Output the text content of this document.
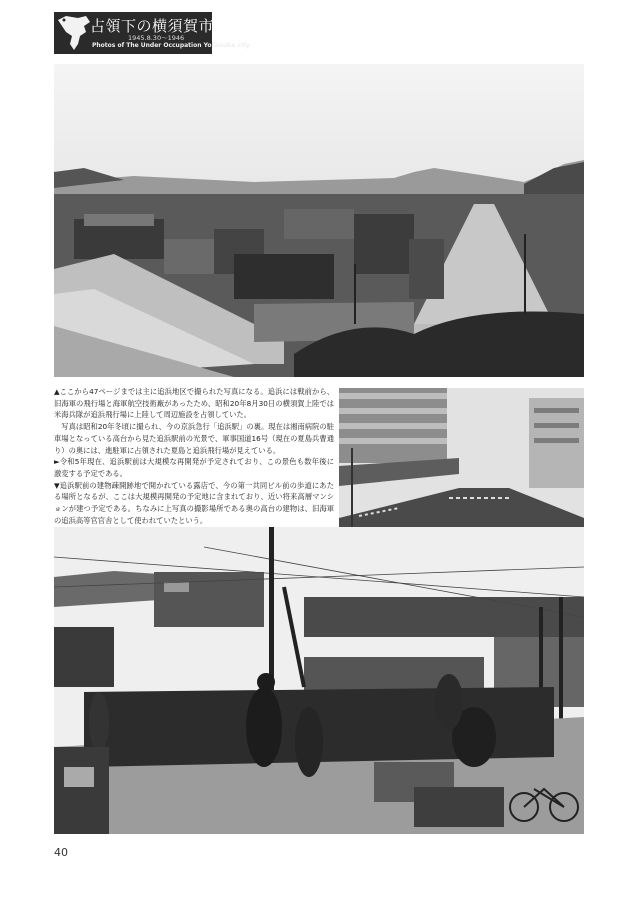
占領下の横須賀市街
1945.8.30〜1946
Photos of The Under Occupation Yokosuka city

▲ここから47ページまでは主に追浜地区で撮られた写真になる。追浜には戦前から、旧海軍の飛行場と海軍航空技術廠があったため、昭和20年8月30日の横須賀上陸では米海兵隊が追浜飛行場に上陸して周辺施設を占領していた。

写真は昭和20年冬頃に撮られ、今の京浜急行「追浜駅」の裏。現在は湘南病院の駐車場となっている高台から見た追浜駅前の光景で、軍事国道16号（現在の夏島兵曹通り）の奥には、進駐軍に占領された夏島と追浜飛行場が見えている。

►令和5年現在、追浜駅前は大規模な再開発が予定されており、この景色も数年後に激変する予定である。

▼追浜駅前の建物疎開跡地で開かれている露店で、今の第一共同ビル前の歩道にあたる場所となるが、ここは大規模再開発の予定地に含まれており、近い将来高層マンションが建つ予定である。ちなみに上写真の撮影場所である奥の高台の建物は、旧海軍の追浜高等官官舎として使われていたという。

40
